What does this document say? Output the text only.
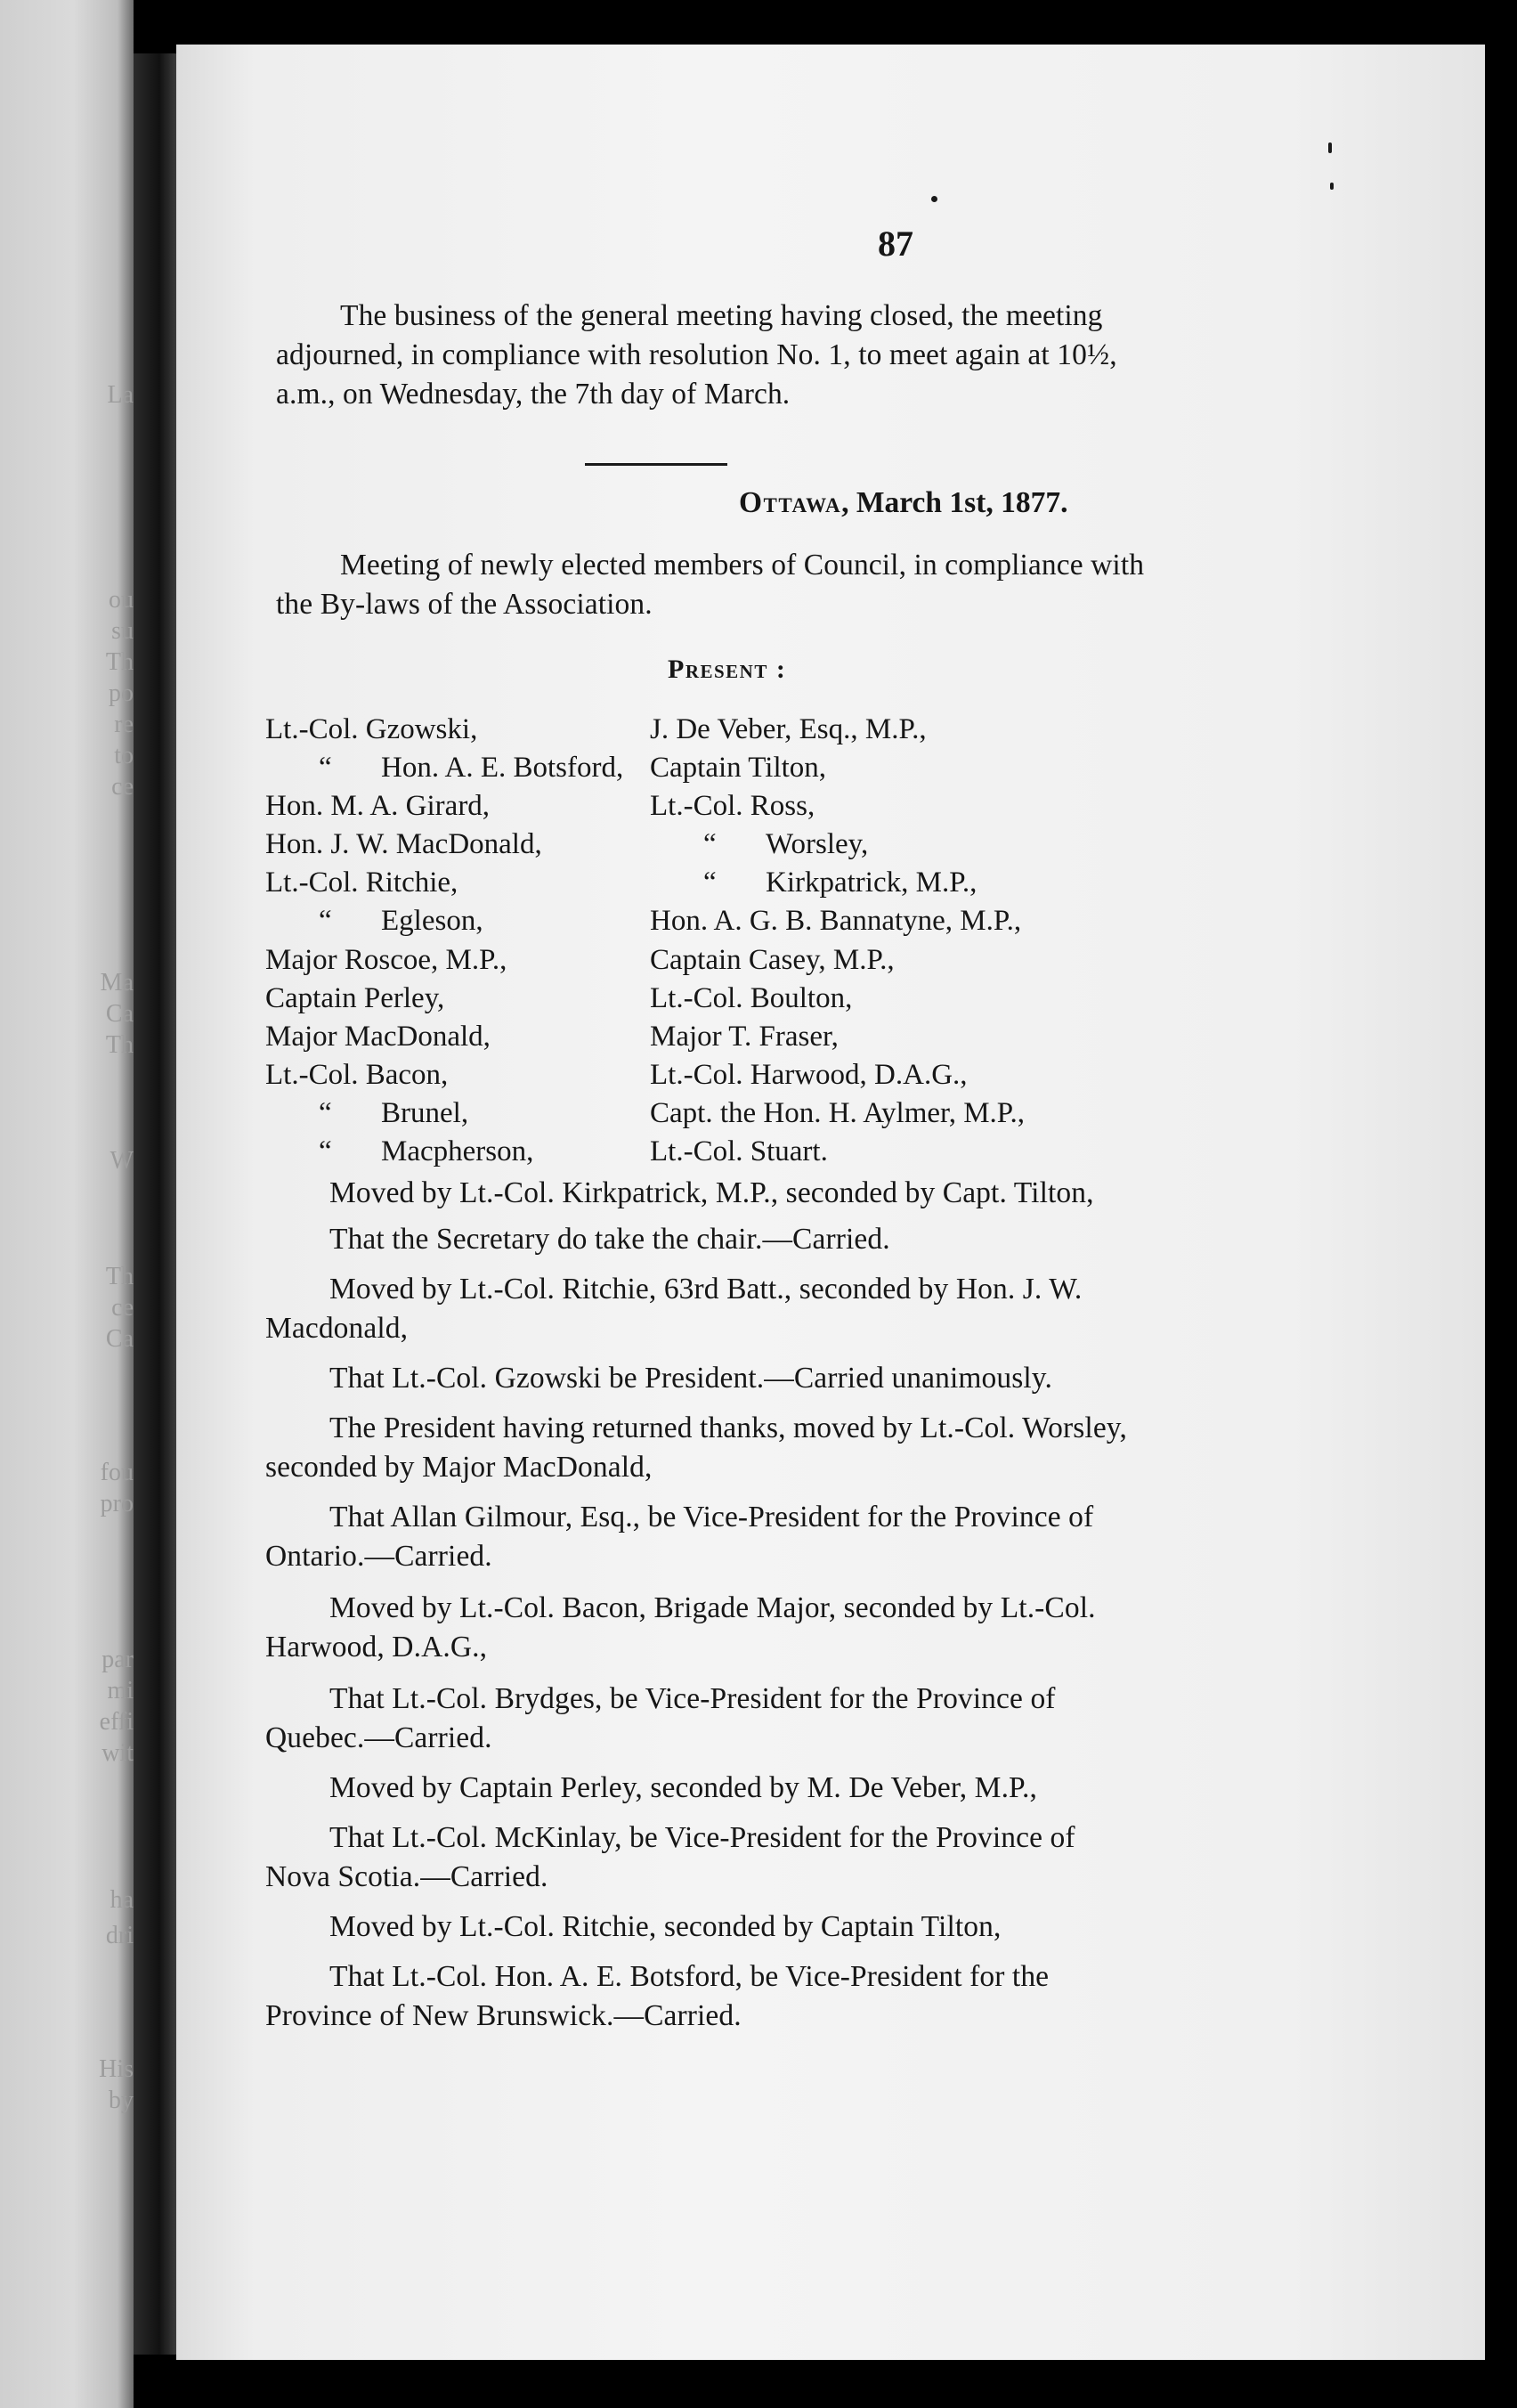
La
ou
su
Th
po
re
to
ce
Ma
Ca
Th
W
Th
ce
Ca
fou
pro
par
mi
effi
wit
ha
dri
His
by
87
The business of the general meeting having closed, the meeting
adjourned, in compliance with resolution No. 1, to meet again at 10½,
a.m., on Wednesday, the 7th day of March.
Ottawa, March 1st, 1877.
Meeting of newly elected members of Council, in compliance with
the By-laws of the Association.
Present :
Lt.-Col. Gzowski,
“ Hon. A. E. Botsford,
Hon. M. A. Girard,
Hon. J. W. MacDonald,
Lt.-Col. Ritchie,
“ Egleson,
Major Roscoe, M.P.,
Captain Perley,
Major MacDonald,
Lt.-Col. Bacon,
“ Brunel,
“ Macpherson,
J. De Veber, Esq., M.P.,
Captain Tilton,
Lt.-Col. Ross,
“ Worsley,
“ Kirkpatrick, M.P.,
Hon. A. G. B. Bannatyne, M.P.,
Captain Casey, M.P.,
Lt.-Col. Boulton,
Major T. Fraser,
Lt.-Col. Harwood, D.A.G.,
Capt. the Hon. H. Aylmer, M.P.,
Lt.-Col. Stuart.
Moved by Lt.-Col. Kirkpatrick, M.P., seconded by Capt. Tilton,
That the Secretary do take the chair.—Carried.
Moved by Lt.-Col. Ritchie, 63rd Batt., seconded by Hon. J. W.
Macdonald,
That Lt.-Col. Gzowski be President.—Carried unanimously.
The President having returned thanks, moved by Lt.-Col. Worsley,
seconded by Major MacDonald,
That Allan Gilmour, Esq., be Vice-President for the Province of
Ontario.—Carried.
Moved by Lt.-Col. Bacon, Brigade Major, seconded by Lt.-Col.
Harwood, D.A.G.,
That Lt.-Col. Brydges, be Vice-President for the Province of
Quebec.—Carried.
Moved by Captain Perley, seconded by M. De Veber, M.P.,
That Lt.-Col. McKinlay, be Vice-President for the Province of
Nova Scotia.—Carried.
Moved by Lt.-Col. Ritchie, seconded by Captain Tilton,
That Lt.-Col. Hon. A. E. Botsford, be Vice-President for the
Province of New Brunswick.—Carried.
